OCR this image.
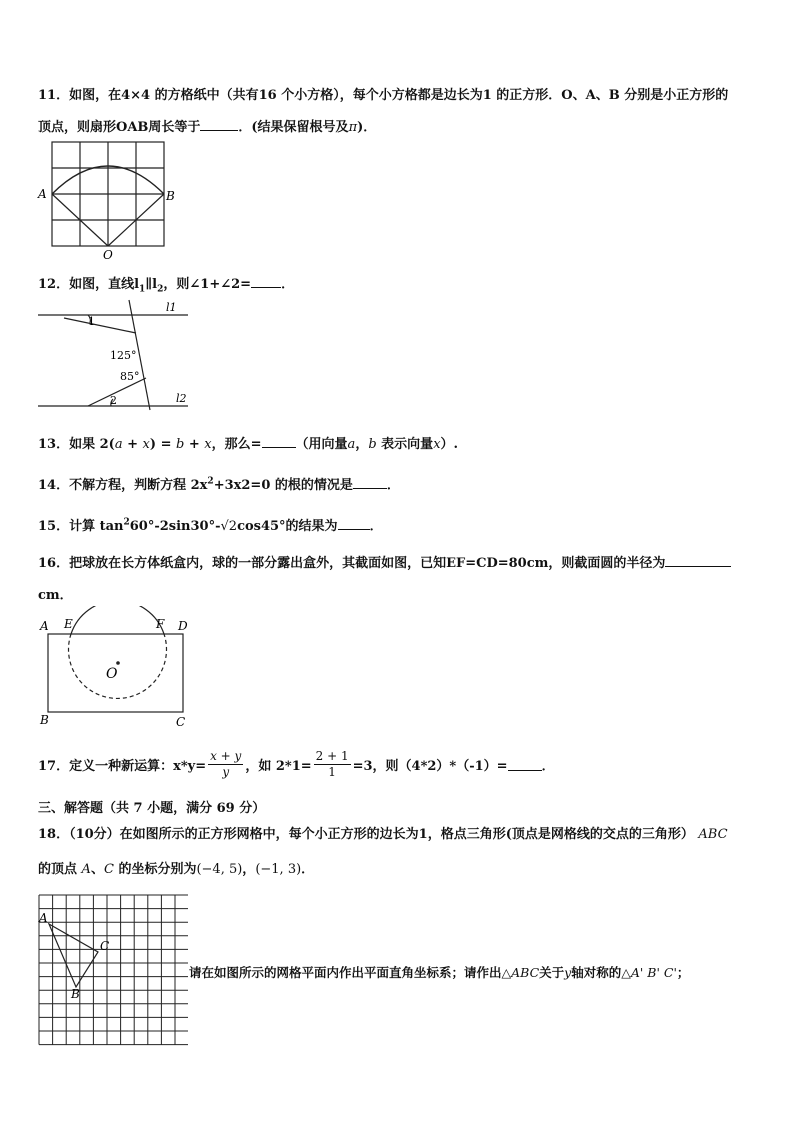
11．如图，在4×4 的方格纸中（共有16 个小方格），每个小方格都是边长为1 的正方形．O、A、B 分别是小正方形的
顶点，则扇形OAB周长等于	．(结果保留根号及π)．
A	B
O
12．如图，直线$l_1\parallel l_2$，则∠1+∠2= ．
1
2
125°
85°
l1
l2
13．如果 2(a + x) = b + x，那么=	（用向量a，b 表示向量x）.
14．不解方程，判断方程 $2x^2+3x2=0$ 的根的情况是	．
15．计算 $\tan^260^\circ-2\sin 30^\circ-√2\cos 45^\circ$的结果为 ．
16．把球放在长方体纸盒内，球的一部分露出盒外，其截面如图，已知EF=CD=80cm，则截面圆的半径为
cm．
A E	F D
O
B	C
17．定义一种新运算：$x*y= \frac{x + y}{y}$ ，如 $2*1= \frac{2 + 1}{1} =3$，则（4*2）*（-1）=	．
三、解答题（共 7 小题，满分 69 分）
18．（10分）在如图所示的正方形网格中，每个小正方形的边长为1，格点三角形(顶点是网格线的交点的三角形） ABC
的顶点 A、C 的坐标分别为(−4, 5)，(−1, 3)．
A
C
B
请在如图所示的网格平面内作出平面直角坐标系；请作出△ABC关于y轴对称的△A' B' C'；
